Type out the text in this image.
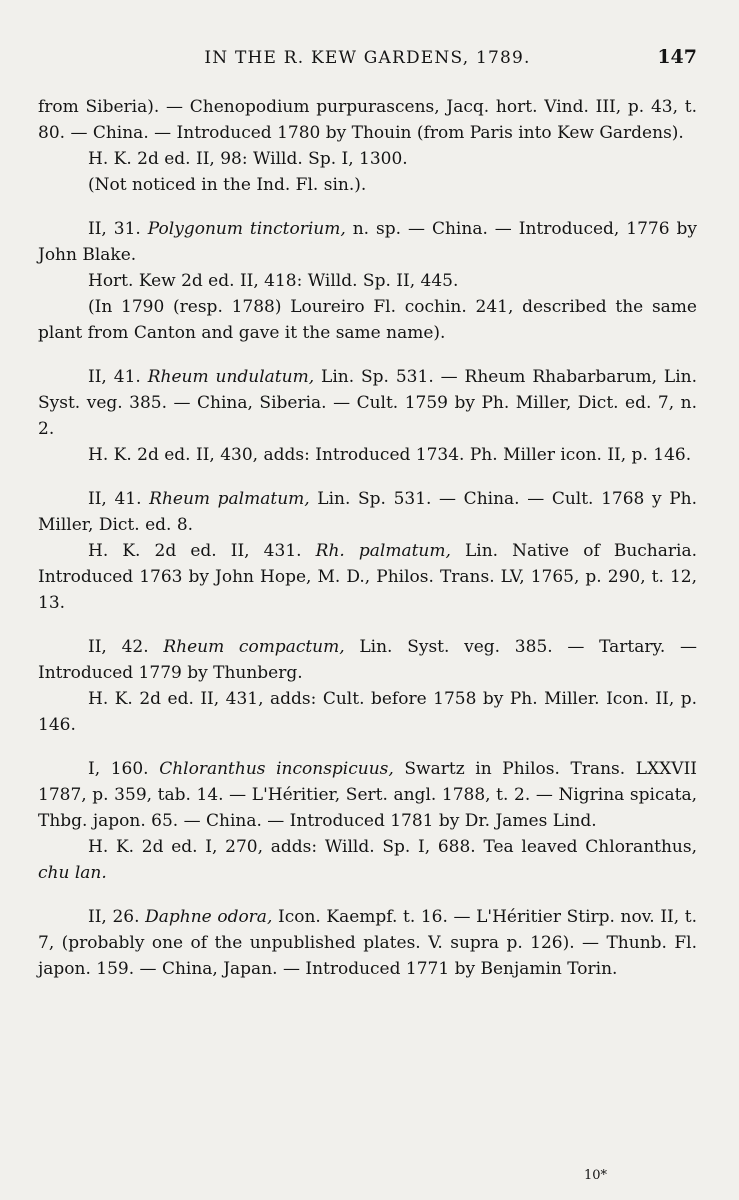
IN THE R. KEW GARDENS, 1789.	147

from Siberia). — Chenopodium purpurascens, Jacq. hort. Vind. III, p. 43, t. 80. — China. — Introduced 1780 by Thouin (from Paris into Kew Gardens).

H. K. 2d ed. II, 98: Willd. Sp. I, 1300.

(Not noticed in the Ind. Fl. sin.).

II, 31. Polygonum tinctorium, n. sp. — China. — Introduced, 1776 by John Blake.

Hort. Kew 2d ed. II, 418: Willd. Sp. II, 445.

(In 1790 (resp. 1788) Loureiro Fl. cochin. 241, described the same plant from Canton and gave it the same name).

II, 41. Rheum undulatum, Lin. Sp. 531. — Rheum Rhabarbarum, Lin. Syst. veg. 385. — China, Siberia. — Cult. 1759 by Ph. Miller, Dict. ed. 7, n. 2.

H. K. 2d ed. II, 430, adds: Introduced 1734. Ph. Miller icon. II, p. 146.

II, 41. Rheum palmatum, Lin. Sp. 531. — China. — Cult. 1768 y Ph. Miller, Dict. ed. 8.

H. K. 2d ed. II, 431. Rh. palmatum, Lin. Native of Bucharia. Introduced 1763 by John Hope, M. D., Philos. Trans. LV, 1765, p. 290, t. 12, 13.

II, 42. Rheum compactum, Lin. Syst. veg. 385. — Tartary. — Introduced 1779 by Thunberg.

H. K. 2d ed. II, 431, adds: Cult. before 1758 by Ph. Miller. Icon. II, p. 146.

I, 160. Chloranthus inconspicuus, Swartz in Philos. Trans. LXXVII 1787, p. 359, tab. 14. — L'Héritier, Sert. angl. 1788, t. 2. — Nigrina spicata, Thbg. japon. 65. — China. — Introduced 1781 by Dr. James Lind.

H. K. 2d ed. I, 270, adds: Willd. Sp. I, 688. Tea leaved Chloranthus, chu lan.

II, 26. Daphne odora, Icon. Kaempf. t. 16. — L'Héritier Stirp. nov. II, t. 7, (probably one of the unpublished plates. V. supra p. 126). — Thunb. Fl. japon. 159. — China, Japan. — Introduced 1771 by Benjamin Torin.

10*
